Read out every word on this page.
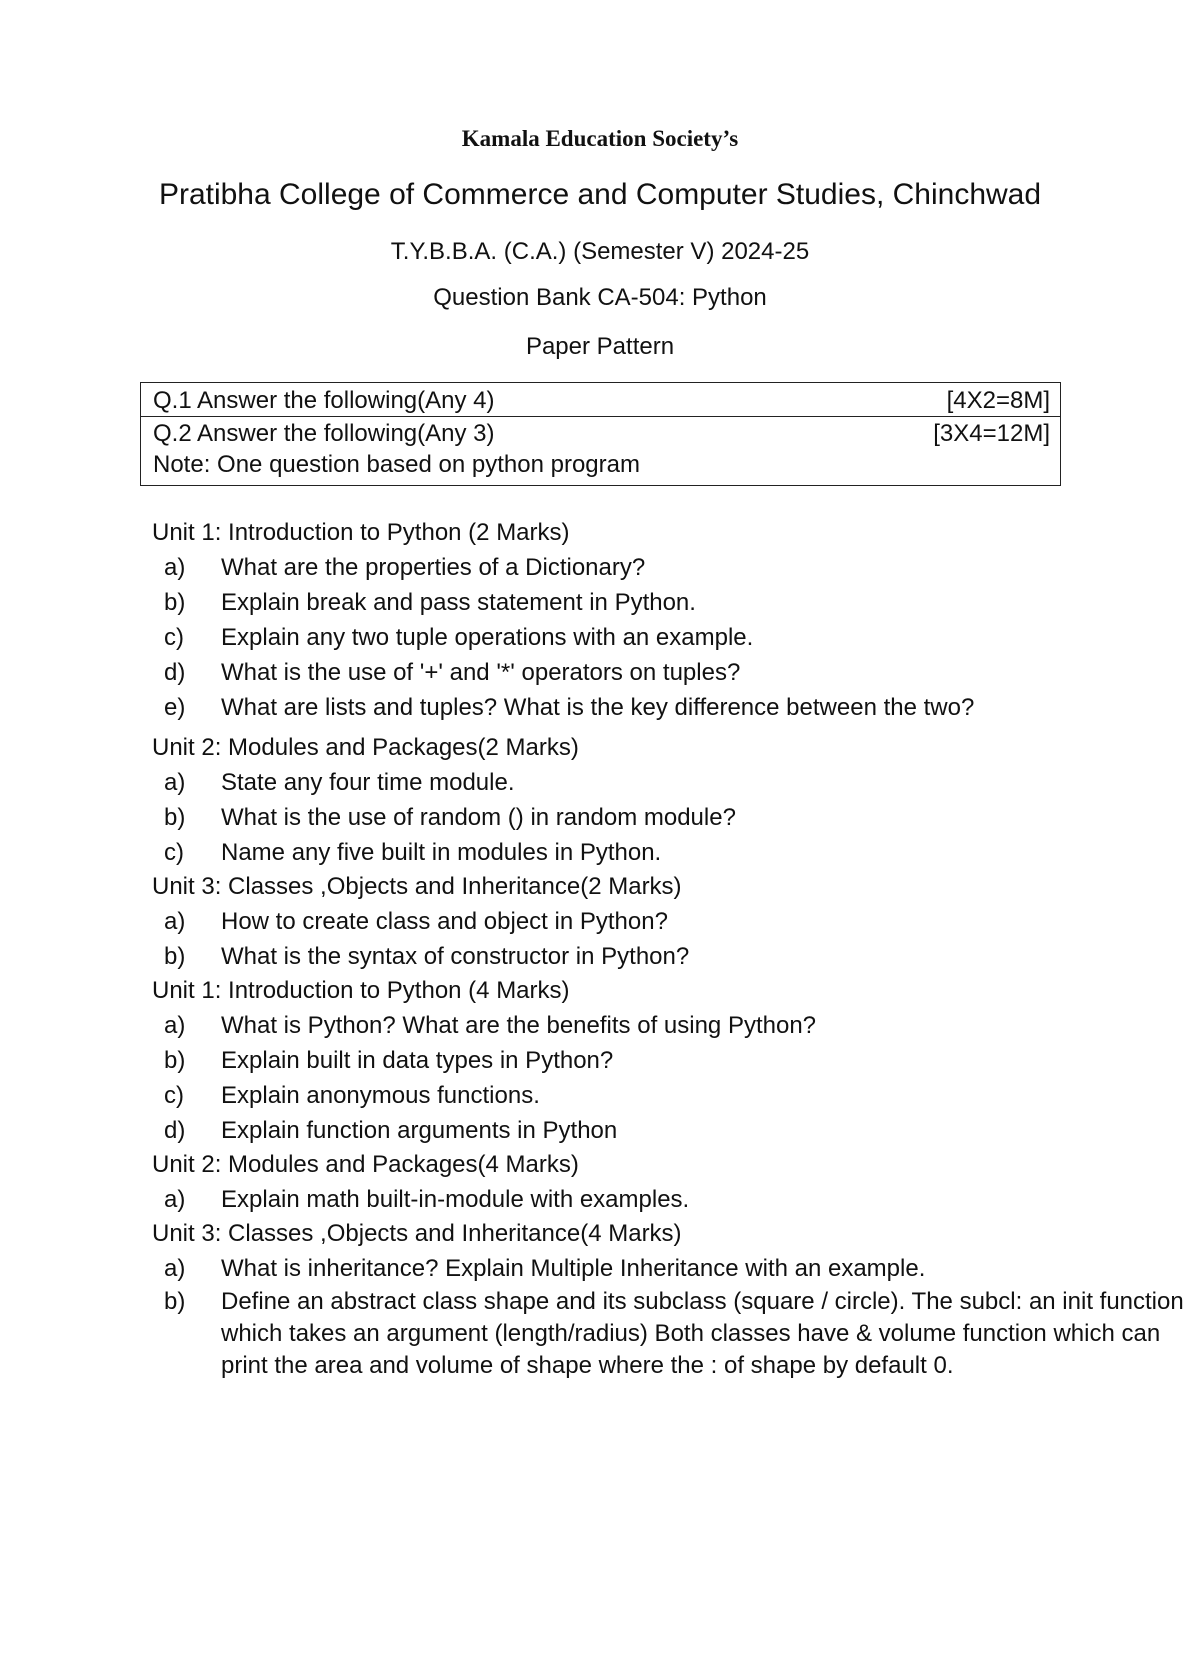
Kamala Education Society’s
Pratibha College of Commerce and Computer Studies, Chinchwad
T.Y.B.B.A. (C.A.) (Semester V) 2024-25
Question Bank CA-504: Python
Paper Pattern
Q.1 Answer the following(Any 4)	[4X2=8M]
Q.2 Answer the following(Any 3)	[3X4=12M]
Note: One question based on python program
Unit 1: Introduction to Python (2 Marks)
a) What are the properties of a Dictionary?
b) Explain break and pass statement in Python.
c) Explain any two tuple operations with an example.
d) What is the use of '+' and '*' operators on tuples?
e) What are lists and tuples? What is the key difference between the two?
Unit 2: Modules and Packages(2 Marks)
a) State any four time module.
b) What is the use of random () in random module?
c) Name any five built in modules in Python.
Unit 3: Classes ,Objects and Inheritance(2 Marks)
a) How to create class and object in Python?
b) What is the syntax of constructor in Python?
Unit 1: Introduction to Python (4 Marks)
a) What is Python? What are the benefits of using Python?
b) Explain built in data types in Python?
c) Explain anonymous functions.
d) Explain function arguments in Python
Unit 2: Modules and Packages(4 Marks)
a) Explain math built-in-module with examples.
Unit 3: Classes ,Objects and Inheritance(4 Marks)
a) What is inheritance? Explain Multiple Inheritance with an example.
b) Define an abstract class shape and its subclass (square / circle). The subcl: an init function which takes an argument (length/radius) Both classes have & volume function which can print the area and volume of shape where the : of shape by default 0.
